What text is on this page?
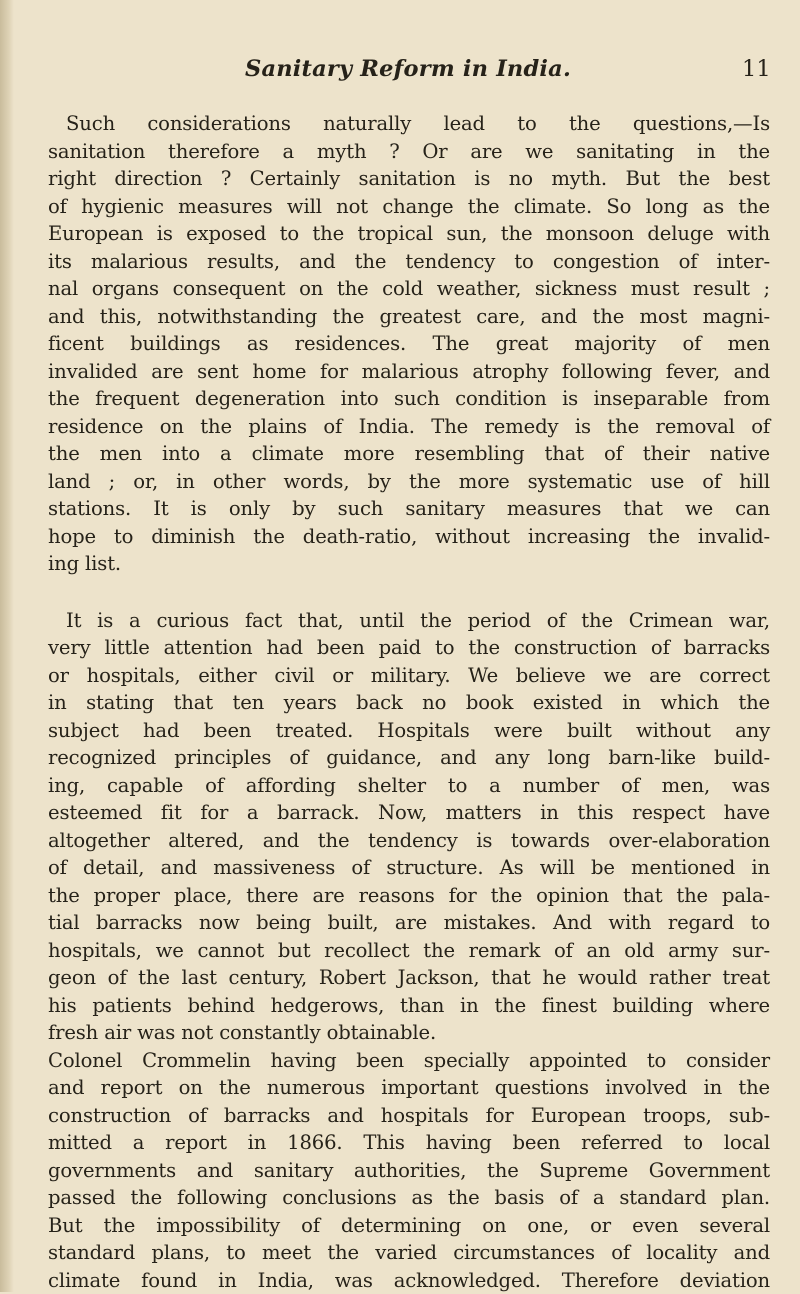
Sanitary Reform in India.	11
Such considerations naturally lead to the questions,—Is
sanitation therefore a myth ? Or are we sanitating in the
right direction ? Certainly sanitation is no myth. But the best
of hygienic measures will not change the climate. So long as the
European is exposed to the tropical sun, the monsoon deluge with
its malarious results, and the tendency to congestion of inter-
nal organs consequent on the cold weather, sickness must result ;
and this, notwithstanding the greatest care, and the most magni-
ficent buildings as residences. The great majority of men
invalided are sent home for malarious atrophy following fever, and
the frequent degeneration into such condition is inseparable from
residence on the plains of India. The remedy is the removal of
the men into a climate more resembling that of their native
land ; or, in other words, by the more systematic use of hill
stations. It is only by such sanitary measures that we can
hope to diminish the death-ratio, without increasing the invalid-
ing list.
It is a curious fact that, until the period of the Crimean war,
very little attention had been paid to the construction of barracks
or hospitals, either civil or military. We believe we are correct
in stating that ten years back no book existed in which the
subject had been treated. Hospitals were built without any
recognized principles of guidance, and any long barn-like build-
ing, capable of affording shelter to a number of men, was
esteemed fit for a barrack. Now, matters in this respect have
altogether altered, and the tendency is towards over-elaboration
of detail, and massiveness of structure. As will be mentioned in
the proper place, there are reasons for the opinion that the pala-
tial barracks now being built, are mistakes. And with regard to
hospitals, we cannot but recollect the remark of an old army sur-
geon of the last century, Robert Jackson, that he would rather treat
his patients behind hedgerows, than in the finest building where
fresh air was not constantly obtainable.
Colonel Crommelin having been specially appointed to consider
and report on the numerous important questions involved in the
construction of barracks and hospitals for European troops, sub-
mitted a report in 1866. This having been referred to local
governments and sanitary authorities, the Supreme Government
passed the following conclusions as the basis of a standard plan.
But the impossibility of determining on one, or even several
standard plans, to meet the varied circumstances of locality and
climate found in India, was acknowledged. Therefore deviation
